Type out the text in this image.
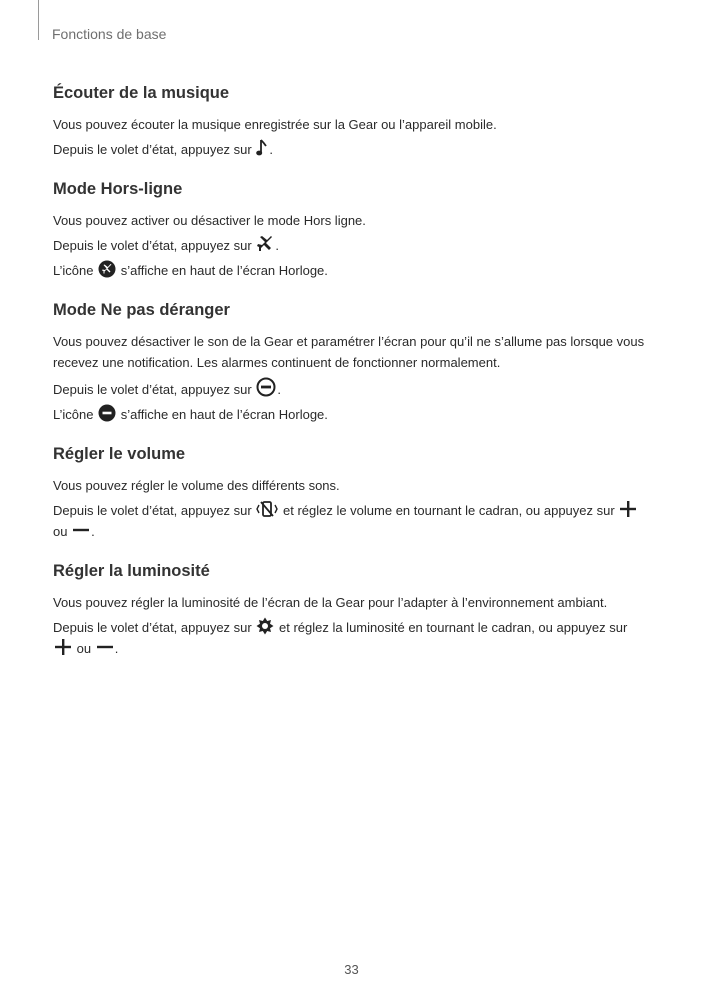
Fonctions de base
Écouter de la musique

Vous pouvez écouter la musique enregistrée sur la Gear ou l’appareil mobile.

Depuis le volet d’état, appuyez sur .

Mode Hors-ligne

Vous pouvez activer ou désactiver le mode Hors ligne.

Depuis le volet d’état, appuyez sur .

L’icône s’affiche en haut de l’écran Horloge.

Mode Ne pas déranger

Vous pouvez désactiver le son de la Gear et paramétrer l’écran pour qu’il ne s’allume pas lorsque vous recevez une notification. Les alarmes continuent de fonctionner normalement.

Depuis le volet d’état, appuyez sur .

L’icône s’affiche en haut de l’écran Horloge.

Régler le volume

Vous pouvez régler le volume des différents sons.

Depuis le volet d’état, appuyez sur et réglez le volume en tournant le cadran, ou appuyez sur

ou .

Régler la luminosité

Vous pouvez régler la luminosité de l’écran de la Gear pour l’adapter à l’environnement ambiant.

Depuis le volet d’état, appuyez sur et réglez la luminosité en tournant le cadran, ou appuyez sur

ou .

33
